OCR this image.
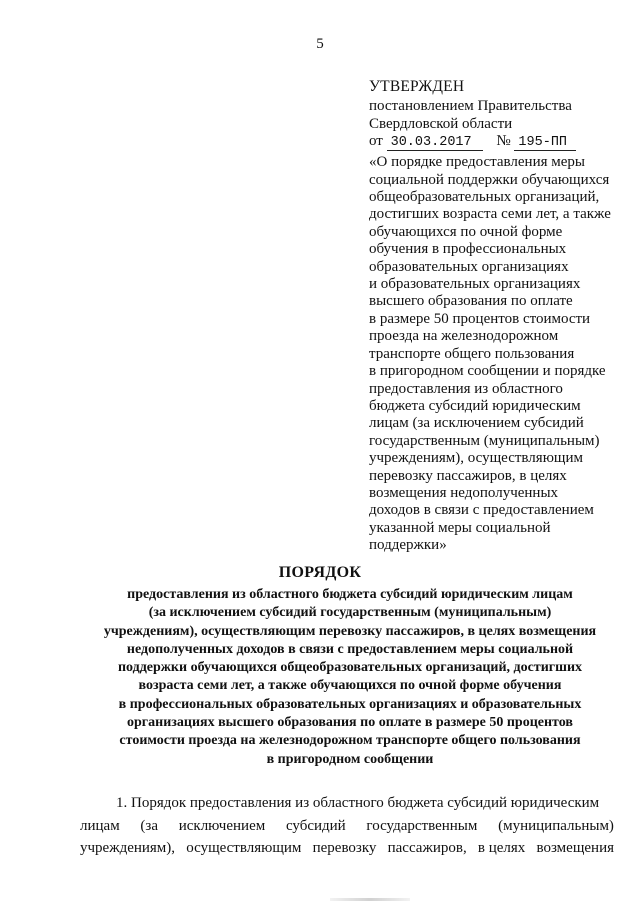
5
УТВЕРЖДЕН
постановлением Правительства
Свердловской области
от 30.03.2017 № 195-ПП
«О порядке предоставления меры
социальной поддержки обучающихся
общеобразовательных организаций,
достигших возраста семи лет, а также
обучающихся по очной форме
обучения в профессиональных
образовательных организациях
и образовательных организациях
высшего образования по оплате
в размере 50 процентов стоимости
проезда на железнодорожном
транспорте общего пользования
в пригородном сообщении и порядке
предоставления из областного
бюджета субсидий юридическим
лицам (за исключением субсидий
государственным (муниципальным)
учреждениям), осуществляющим
перевозку пассажиров, в целях
возмещения недополученных
доходов в связи с предоставлением
указанной меры социальной
поддержки»
ПОРЯДОК
предоставления из областного бюджета субсидий юридическим лицам
(за исключением субсидий государственным (муниципальным)
учреждениям), осуществляющим перевозку пассажиров, в целях возмещения
недополученных доходов в связи с предоставлением меры социальной
поддержки обучающихся общеобразовательных организаций, достигших
возраста семи лет, а также обучающихся по очной форме обучения
в профессиональных образовательных организациях и образовательных
организациях высшего образования по оплате в размере 50 процентов
стоимости проезда на железнодорожном транспорте общего пользования
в пригородном сообщении
1. Порядок предоставления из областного бюджета субсидий юридическим
лицам (за исключением субсидий государственным (муниципальным)
учреждениям), осуществляющим перевозку пассажиров, в целях возмещения
